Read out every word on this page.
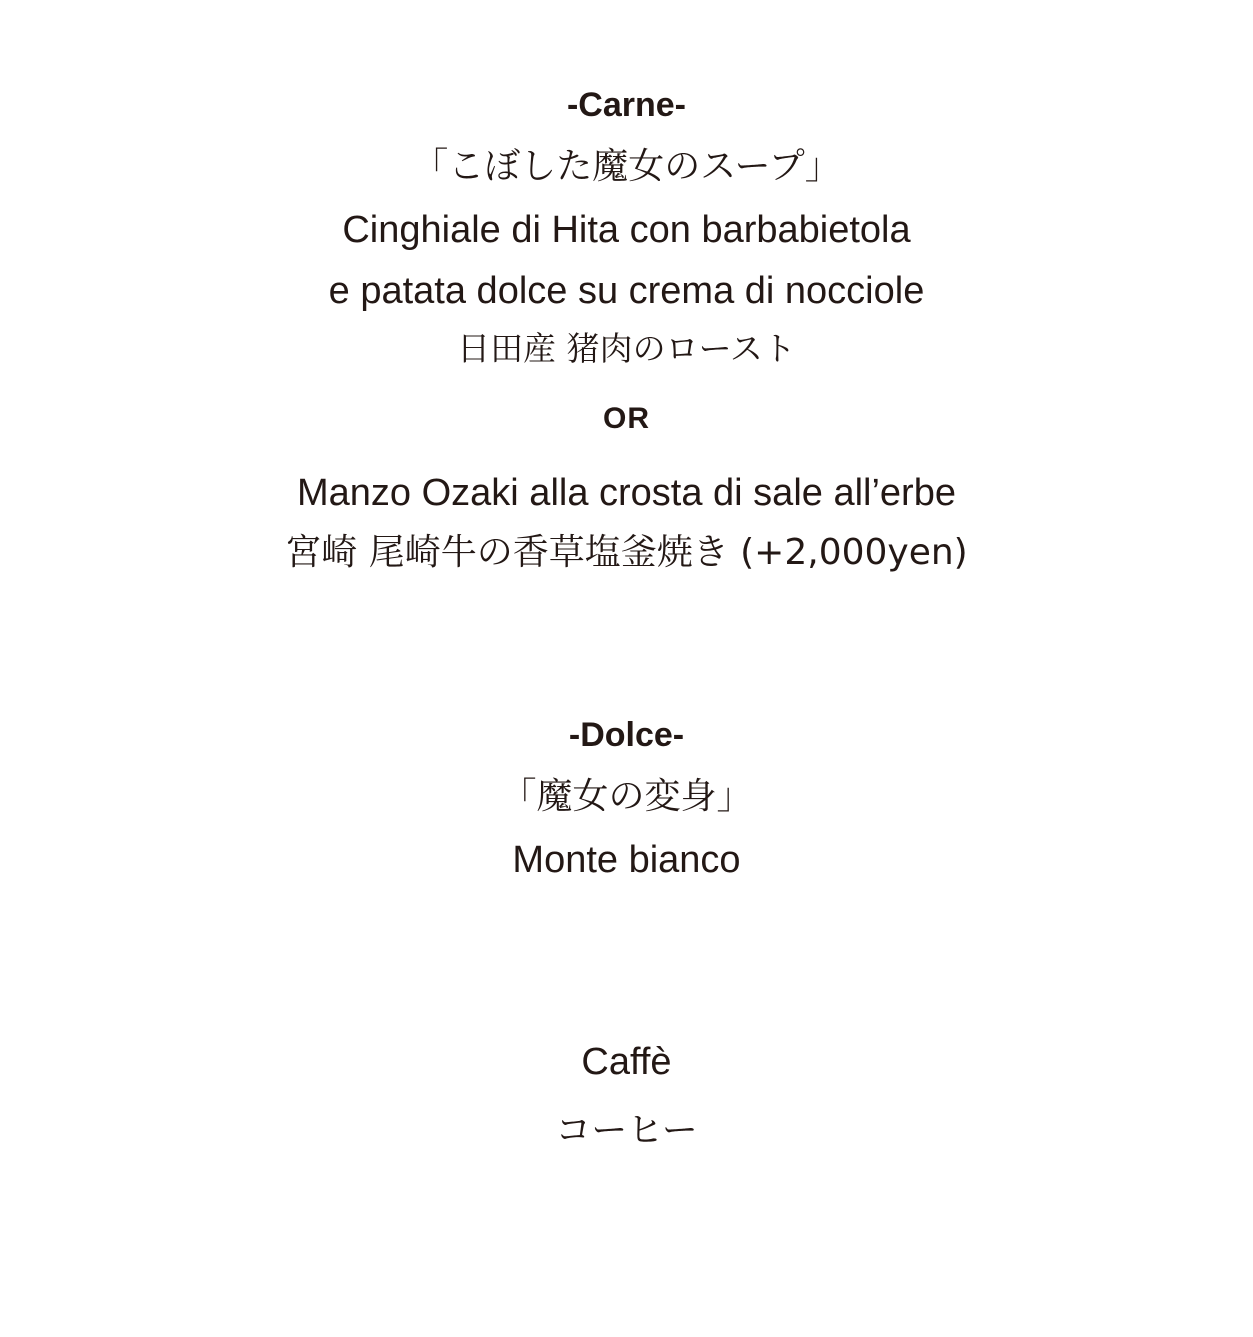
-Carne-
「こぼした魔女のスープ」
Cinghiale di Hita con barbabietola
e patata dolce su crema di nocciole
日田産 猪肉のロースト
OR
Manzo Ozaki alla crosta di sale all’erbe
宮崎 尾崎牛の香草塩釜焼き (+2,000yen)
-Dolce-
「魔女の変身」
Monte bianco
Caffè
コーヒー
